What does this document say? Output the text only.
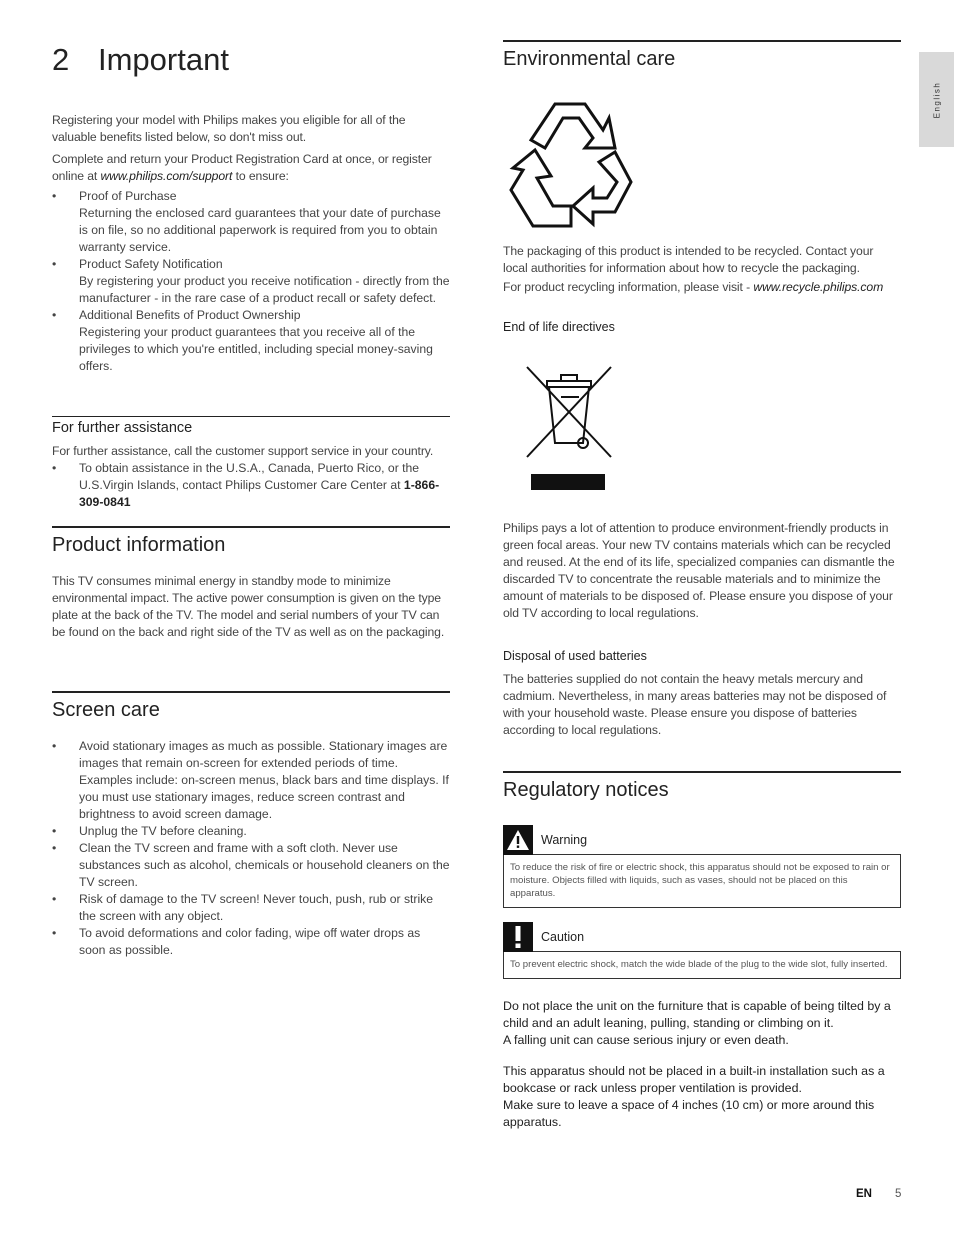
2 Important
English

Registering your model with Philips makes you eligible for all of the valuable benefits listed below, so don't miss out.

Complete and return your Product Registration Card at once, or register online at www.philips.com/support to ensure:

• Proof of Purchase
Returning the enclosed card guarantees that your date of purchase is on file, so no additional paperwork is required from you to obtain warranty service.
• Product Safety Notification
By registering your product you receive notification - directly from the manufacturer - in the rare case of a product recall or safety defect.
• Additional Benefits of Product Ownership
Registering your product guarantees that you receive all of the privileges to which you're entitled, including special money-saving offers.
For further assistance

For further assistance, call the customer support service in your country.

• To obtain assistance in the U.S.A., Canada, Puerto Rico, or the U.S.Virgin Islands, contact Philips Customer Care Center at 1-866-309-0841
Product information

This TV consumes minimal energy in standby mode to minimize environmental impact. The active power consumption is given on the type plate at the back of the TV. The model and serial numbers of your TV can be found on the back and right side of the TV as well as on the packaging.

Screen care
• Avoid stationary images as much as possible. Stationary images are images that remain on-screen for extended periods of time. Examples include: on-screen menus, black bars and time displays. If you must use stationary images, reduce screen contrast and brightness to avoid screen damage.
• Unplug the TV before cleaning.
• Clean the TV screen and frame with a soft cloth. Never use substances such as alcohol, chemicals or household cleaners on the TV screen.
• Risk of damage to the TV screen! Never touch, push, rub or strike the screen with any object.
• To avoid deformations and color fading, wipe off water drops as soon as possible.
Environmental care

The packaging of this product is intended to be recycled. Contact your local authorities for information about how to recycle the packaging.

For product recycling information, please visit - www.recycle.philips.com

End of life directives

Philips pays a lot of attention to produce environment-friendly products in green focal areas. Your new TV contains materials which can be recycled and reused. At the end of its life, specialized companies can dismantle the discarded TV to concentrate the reusable materials and to minimize the amount of materials to be disposed of. Please ensure you dispose of your old TV according to local regulations.

Disposal of used batteries

The batteries supplied do not contain the heavy metals mercury and cadmium. Nevertheless, in many areas batteries may not be disposed of with your household waste. Please ensure you dispose of batteries according to local regulations.

Regulatory notices
Warning
To reduce the risk of fire or electric shock, this apparatus should not be exposed to rain or moisture. Objects filled with liquids, such as vases, should not be placed on this apparatus.
Caution
To prevent electric shock, match the wide blade of the plug to the wide slot, fully inserted.
Do not place the unit on the furniture that is capable of being tilted by a child and an adult leaning, pulling, standing or climbing on it.
A falling unit can cause serious injury or even death.
This apparatus should not be placed in a built-in installation such as a bookcase or rack unless proper ventilation is provided.
Make sure to leave a space of 4 inches (10 cm) or more around this apparatus.
EN 5
